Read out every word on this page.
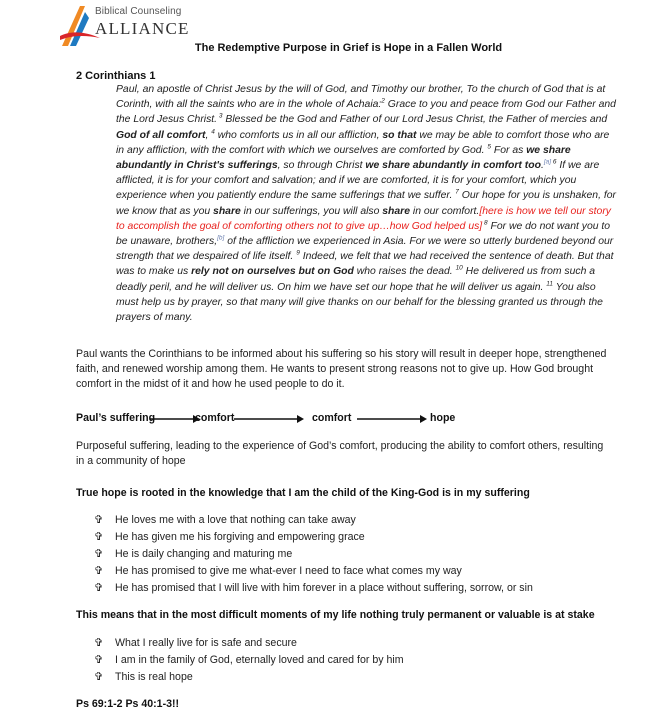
Biblical Counseling
ALLIANCE
The Redemptive Purpose in Grief is Hope in a Fallen World
2 Corinthians 1
Paul, an apostle of Christ Jesus by the will of God, and Timothy our brother, To the church of God that is at Corinth, with all the saints who are in the whole of Achaia:$^2$ Grace to you and peace from God our Father and the Lord Jesus Christ. $^3$ Blessed be the God and Father of our Lord Jesus Christ, the Father of mercies and God of all comfort, $^4$ who comforts us in all our affliction, so that we may be able to comfort those who are in any affliction, with the comfort with which we ourselves are comforted by God. $^5$ For as we share abundantly in Christ's sufferings, so through Christ we share abundantly in comfort too.[a] $^6$ If we are afflicted, it is for your comfort and salvation; and if we are comforted, it is for your comfort, which you experience when you patiently endure the same sufferings that we suffer. $^7$ Our hope for you is unshaken, for we know that as you share in our sufferings, you will also share in our comfort.[here is how we tell our story to accomplish the goal of comforting others not to give up…how God helped us] $^8$ For we do not want you to be unaware, brothers,[b] of the affliction we experienced in Asia. For we were so utterly burdened beyond our strength that we despaired of life itself. $^9$ Indeed, we felt that we had received the sentence of death. But that was to make us rely not on ourselves but on God who raises the dead. $^{10}$ He delivered us from such a deadly peril, and he will deliver us. On him we have set our hope that he will deliver us again. $^{11}$ You also must help us by prayer, so that many will give thanks on our behalf for the blessing granted us through the prayers of many.
Paul wants the Corinthians to be informed about his suffering so his story will result in deeper hope, strengthened faith, and renewed worship among them. He wants to present strong reasons not to give up. How God brought comfort in the midst of it and how he used people to do it.
Paul’s suffering	comfort	comfort	hope
Purposeful suffering, leading to the experience of God’s comfort, producing the ability to comfort others, resulting in a community of hope
True hope is rooted in the knowledge that I am the child of the King-God is in my suffering
✞	He loves me with a love that nothing can take away
✞	He has given me his forgiving and empowering grace
✞	He is daily changing and maturing me
✞	He has promised to give me what-ever I need to face what comes my way
✞	He has promised that I will live with him forever in a place without suffering, sorrow, or sin
This means that in the most difficult moments of my life nothing truly permanent or valuable is at stake
✞	What I really live for is safe and secure
✞	I am in the family of God, eternally loved and cared for by him
✞	This is real hope
Ps 69:1-2 Ps 40:1-3!!
